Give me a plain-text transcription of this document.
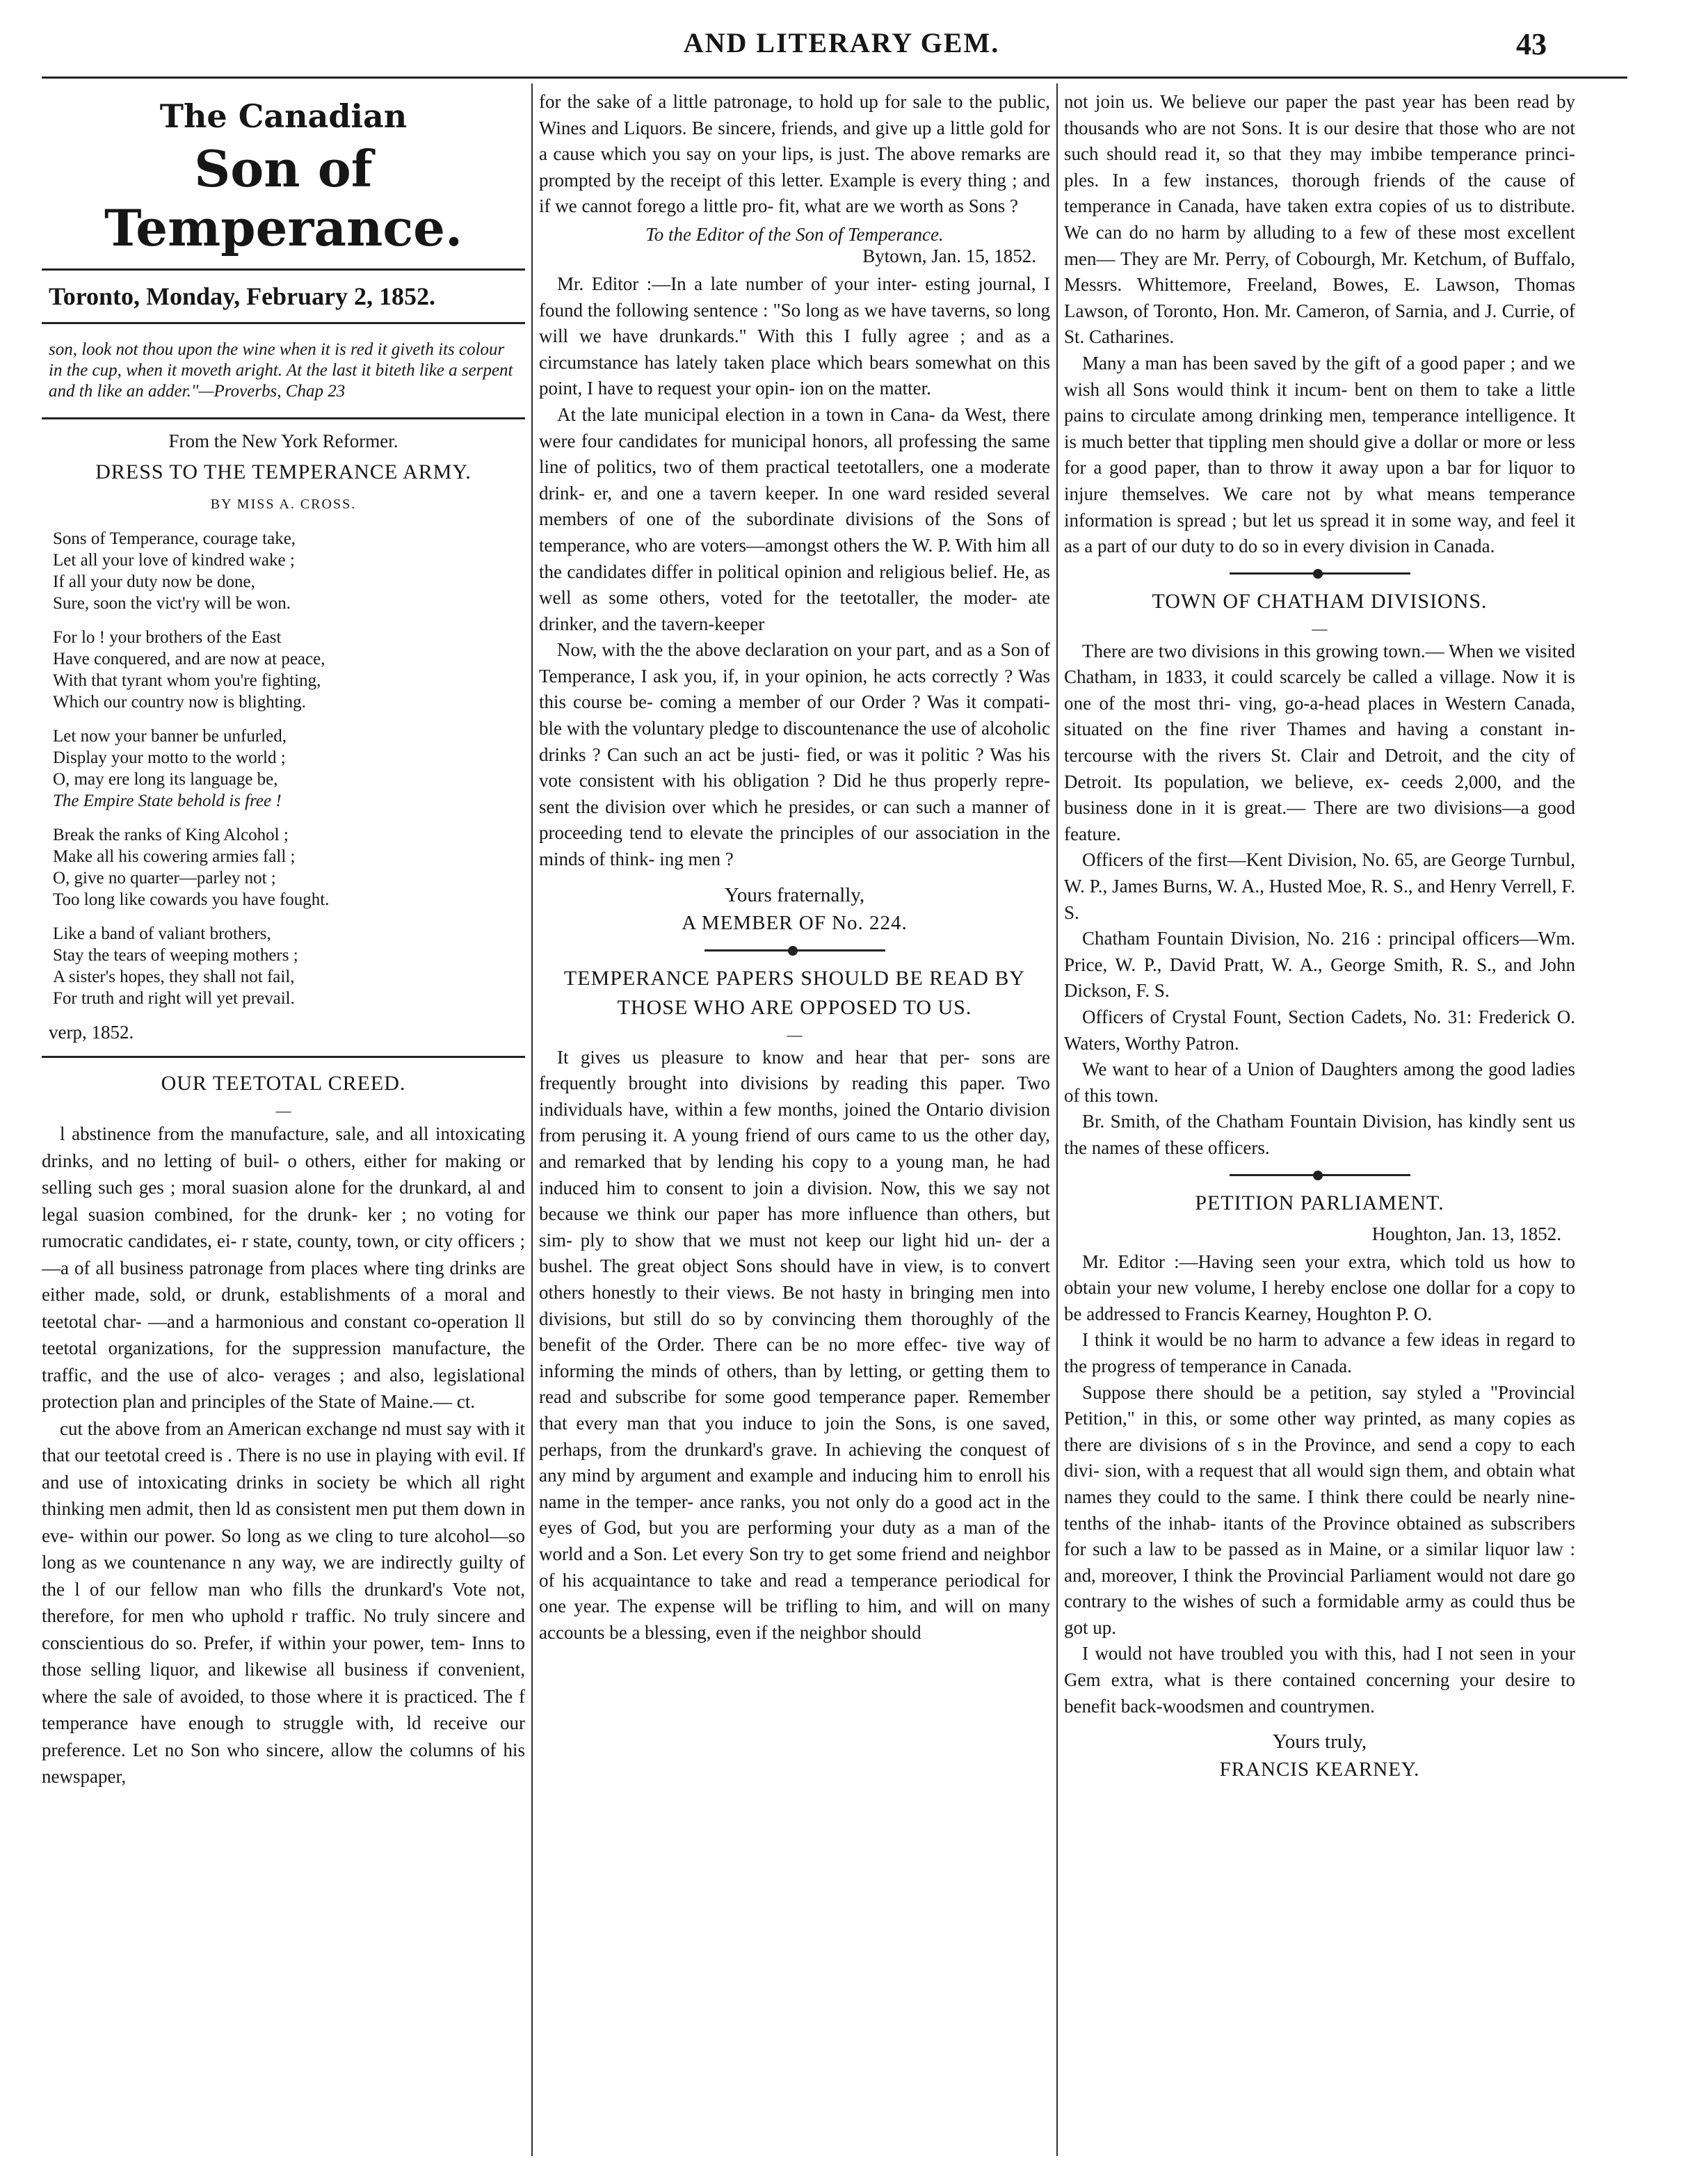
AND LITERARY GEM.	43
The Canadian
Son of Temperance.
Toronto, Monday, February 2, 1852.
son, look not thou upon the wine when it is red it giveth its colour in the cup, when it moveth aright. At the last it biteth like a serpent and th like an adder."—Proverbs, Chap 23
From the New York Reformer.
DRESS TO THE TEMPERANCE ARMY.
BY MISS A. CROSS.
Sons of Temperance, courage take,
Let all your love of kindred wake ;
If all your duty now be done,
Sure, soon the vict'ry will be won.
For lo ! your brothers of the East
Have conquered, and are now at peace,
With that tyrant whom you're fighting,
Which our country now is blighting.
Let now your banner be unfurled,
Display your motto to the world ;
O, may ere long its language be,
The Empire State behold is free !
Break the ranks of King Alcohol ;
Make all his cowering armies fall ;
O, give no quarter—parley not ;
Too long like cowards you have fought.
Like a band of valiant brothers,
Stay the tears of weeping mothers ;
A sister's hopes, they shall not fail,
For truth and right will yet prevail.
verp, 1852.
OUR TEETOTAL CREED.
—

l abstinence from the manufacture, sale, and all intoxicating drinks, and no letting of buil- o others, either for making or selling such ges ; moral suasion alone for the drunkard, al and legal suasion combined, for the drunk- ker ; no voting for rumocratic candidates, ei- r state, county, town, or city officers ;—a of all business patronage from places where ting drinks are either made, sold, or drunk, establishments of a moral and teetotal char- —and a harmonious and constant co-operation ll teetotal organizations, for the suppression manufacture, the traffic, and the use of alco- verages ; and also, legislational protection plan and principles of the State of Maine.— ct.

cut the above from an American exchange nd must say with it that our teetotal creed is . There is no use in playing with evil. If and use of intoxicating drinks in society be which all right thinking men admit, then ld as consistent men put them down in eve- within our power. So long as we cling to ture alcohol—so long as we countenance n any way, we are indirectly guilty of the l of our fellow man who fills the drunkard's Vote not, therefore, for men who uphold r traffic. No truly sincere and conscientious do so. Prefer, if within your power, tem- Inns to those selling liquor, and likewise all business if convenient, where the sale of avoided, to those where it is practiced. The f temperance have enough to struggle with, ld receive our preference. Let no Son who sincere, allow the columns of his newspaper,

for the sake of a little patronage, to hold up for sale to the public, Wines and Liquors. Be sincere, friends, and give up a little gold for a cause which you say on your lips, is just. The above remarks are prompted by the receipt of this letter. Example is every thing ; and if we cannot forego a little pro- fit, what are we worth as Sons ?

To the Editor of the Son of Temperance.
Bytown, Jan. 15, 1852.

Mr. Editor :—In a late number of your inter- esting journal, I found the following sentence : "So long as we have taverns, so long will we have drunkards." With this I fully agree ; and as a circumstance has lately taken place which bears somewhat on this point, I have to request your opin- ion on the matter.

At the late municipal election in a town in Cana- da West, there were four candidates for municipal honors, all professing the same line of politics, two of them practical teetotallers, one a moderate drink- er, and one a tavern keeper. In one ward resided several members of one of the subordinate divisions of the Sons of temperance, who are voters—amongst others the W. P. With him all the candidates differ in political opinion and religious belief. He, as well as some others, voted for the teetotaller, the moder- ate drinker, and the tavern-keeper

Now, with the the above declaration on your part, and as a Son of Temperance, I ask you, if, in your opinion, he acts correctly ? Was this course be- coming a member of our Order ? Was it compati- ble with the voluntary pledge to discountenance the use of alcoholic drinks ? Can such an act be justi- fied, or was it politic ? Was his vote consistent with his obligation ? Did he thus properly repre- sent the division over which he presides, or can such a manner of proceeding tend to elevate the principles of our association in the minds of think- ing men ?

Yours fraternally,
A MEMBER OF No. 224.
TEMPERANCE PAPERS SHOULD BE READ BY THOSE WHO ARE OPPOSED TO US.
—

It gives us pleasure to know and hear that per- sons are frequently brought into divisions by reading this paper. Two individuals have, within a few months, joined the Ontario division from perusing it. A young friend of ours came to us the other day, and remarked that by lending his copy to a young man, he had induced him to consent to join a division. Now, this we say not because we think our paper has more influence than others, but sim- ply to show that we must not keep our light hid un- der a bushel. The great object Sons should have in view, is to convert others honestly to their views. Be not hasty in bringing men into divisions, but still do so by convincing them thoroughly of the benefit of the Order. There can be no more effec- tive way of informing the minds of others, than by letting, or getting them to read and subscribe for some good temperance paper. Remember that every man that you induce to join the Sons, is one saved, perhaps, from the drunkard's grave. In achieving the conquest of any mind by argument and example and inducing him to enroll his name in the temper- ance ranks, you not only do a good act in the eyes of God, but you are performing your duty as a man of the world and a Son. Let every Son try to get some friend and neighbor of his acquaintance to take and read a temperance periodical for one year. The expense will be trifling to him, and will on many accounts be a blessing, even if the neighbor should

not join us. We believe our paper the past year has been read by thousands who are not Sons. It is our desire that those who are not such should read it, so that they may imbibe temperance princi- ples. In a few instances, thorough friends of the cause of temperance in Canada, have taken extra copies of us to distribute. We can do no harm by alluding to a few of these most excellent men— They are Mr. Perry, of Cobourgh, Mr. Ketchum, of Buffalo, Messrs. Whittemore, Freeland, Bowes, E. Lawson, Thomas Lawson, of Toronto, Hon. Mr. Cameron, of Sarnia, and J. Currie, of St. Catharines.

Many a man has been saved by the gift of a good paper ; and we wish all Sons would think it incum- bent on them to take a little pains to circulate among drinking men, temperance intelligence. It is much better that tippling men should give a dollar or more or less for a good paper, than to throw it away upon a bar for liquor to injure themselves. We care not by what means temperance information is spread ; but let us spread it in some way, and feel it as a part of our duty to do so in every division in Canada.

TOWN OF CHATHAM DIVISIONS.
—

There are two divisions in this growing town.— When we visited Chatham, in 1833, it could scarcely be called a village. Now it is one of the most thri- ving, go-a-head places in Western Canada, situated on the fine river Thames and having a constant in- tercourse with the rivers St. Clair and Detroit, and the city of Detroit. Its population, we believe, ex- ceeds 2,000, and the business done in it is great.— There are two divisions—a good feature.

Officers of the first—Kent Division, No. 65, are George Turnbul, W. P., James Burns, W. A., Husted Moe, R. S., and Henry Verrell, F. S.

Chatham Fountain Division, No. 216 : principal officers—Wm. Price, W. P., David Pratt, W. A., George Smith, R. S., and John Dickson, F. S.

Officers of Crystal Fount, Section Cadets, No. 31: Frederick O. Waters, Worthy Patron.

We want to hear of a Union of Daughters among the good ladies of this town.

Br. Smith, of the Chatham Fountain Division, has kindly sent us the names of these officers.

PETITION PARLIAMENT.
Houghton, Jan. 13, 1852.

Mr. Editor :—Having seen your extra, which told us how to obtain your new volume, I hereby enclose one dollar for a copy to be addressed to Francis Kearney, Houghton P. O.

I think it would be no harm to advance a few ideas in regard to the progress of temperance in Canada.

Suppose there should be a petition, say styled a "Provincial Petition," in this, or some other way printed, as many copies as there are divisions of s in the Province, and send a copy to each divi- sion, with a request that all would sign them, and obtain what names they could to the same. I think there could be nearly nine-tenths of the inhab- itants of the Province obtained as subscribers for such a law to be passed as in Maine, or a similar liquor law : and, moreover, I think the Provincial Parliament would not dare go contrary to the wishes of such a formidable army as could thus be got up.

I would not have troubled you with this, had I not seen in your Gem extra, what is there contained concerning your desire to benefit back-woodsmen and countrymen.

Yours truly,
FRANCIS KEARNEY.
